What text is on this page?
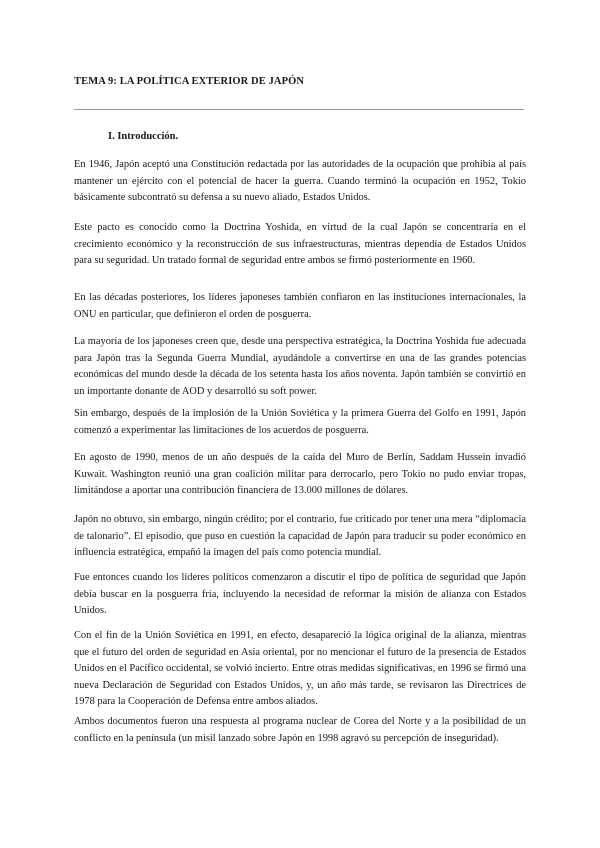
TEMA 9: LA POLÍTICA EXTERIOR DE JAPÓN
I. Introducción.

En 1946, Japón aceptó una Constitución redactada por las autoridades de la ocupación que prohibía al país mantener un ejército con el potencial de hacer la guerra. Cuando terminó la ocupación en 1952, Tokio básicamente subcontrató su defensa a su nuevo aliado, Estados Unidos.

Este pacto es conocido como la Doctrina Yoshida, en virtud de la cual Japón se concentraría en el crecimiento económico y la reconstrucción de sus infraestructuras, mientras dependía de Estados Unidos para su seguridad. Un tratado formal de seguridad entre ambos se firmó posteriormente en 1960.

En las décadas posteriores, los líderes japoneses también confiaron en las instituciones internacionales, la ONU en particular, que definieron el orden de posguerra.

La mayoría de los japoneses creen que, desde una perspectiva estratégica, la Doctrina Yoshida fue adecuada para Japón tras la Segunda Guerra Mundial, ayudándole a convertirse en una de las grandes potencias económicas del mundo desde la década de los setenta hasta los años noventa. Japón también se convirtió en un importante donante de AOD y desarrolló su soft power.

Sin embargo, después de la implosión de la Unión Soviética y la primera Guerra del Golfo en 1991, Japón comenzó a experimentar las limitaciones de los acuerdos de posguerra.

En agosto de 1990, menos de un año después de la caída del Muro de Berlín, Saddam Hussein invadió Kuwait. Washington reunió una gran coalición militar para derrocarlo, pero Tokio no pudo enviar tropas, limitándose a aportar una contribución financiera de 13.000 millones de dólares.

Japón no obtuvo, sin embargo, ningún crédito; por el contrario, fue criticado por tener una mera “diplomacia de talonario”. El episodio, que puso en cuestión la capacidad de Japón para traducir su poder económico en influencia estratégica, empañó la imagen del país como potencia mundial.

Fue entonces cuando los líderes políticos comenzaron a discutir el tipo de política de seguridad que Japón debía buscar en la posguerra fría, incluyendo la necesidad de reformar la misión de alianza con Estados Unidos.

Con el fin de la Unión Soviética en 1991, en efecto, desapareció la lógica original de la alianza, mientras que el futuro del orden de seguridad en Asia oriental, por no mencionar el futuro de la presencia de Estados Unidos en el Pacífico occidental, se volvió incierto. Entre otras medidas significativas, en 1996 se firmó una nueva Declaración de Seguridad con Estados Unidos, y, un año más tarde, se revisaron las Directrices de 1978 para la Cooperación de Defensa entre ambos aliados.

Ambos documentos fueron una respuesta al programa nuclear de Corea del Norte y a la posibilidad de un conflicto en la península (un misil lanzado sobre Japón en 1998 agravó su percepción de inseguridad).
